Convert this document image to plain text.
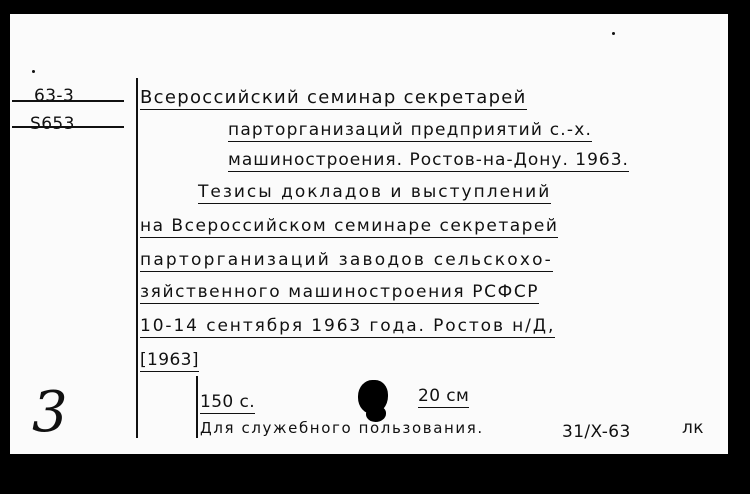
63-3
S653
Всероссийский семинар секретарей
парторганизаций предприятий с.-х.
машиностроения. Ростов-на-Дону. 1963.
Тезисы докладов и выступлений
на Всероссийском семинаре секретарей
парторганизаций заводов сельскохо-
зяйственного машиностроения РСФСР
10-14 сентября 1963 года. Ростов н/Д,
[1963]
150 с.	20 см
Для служебного пользования.	31/X-63	лк
3
